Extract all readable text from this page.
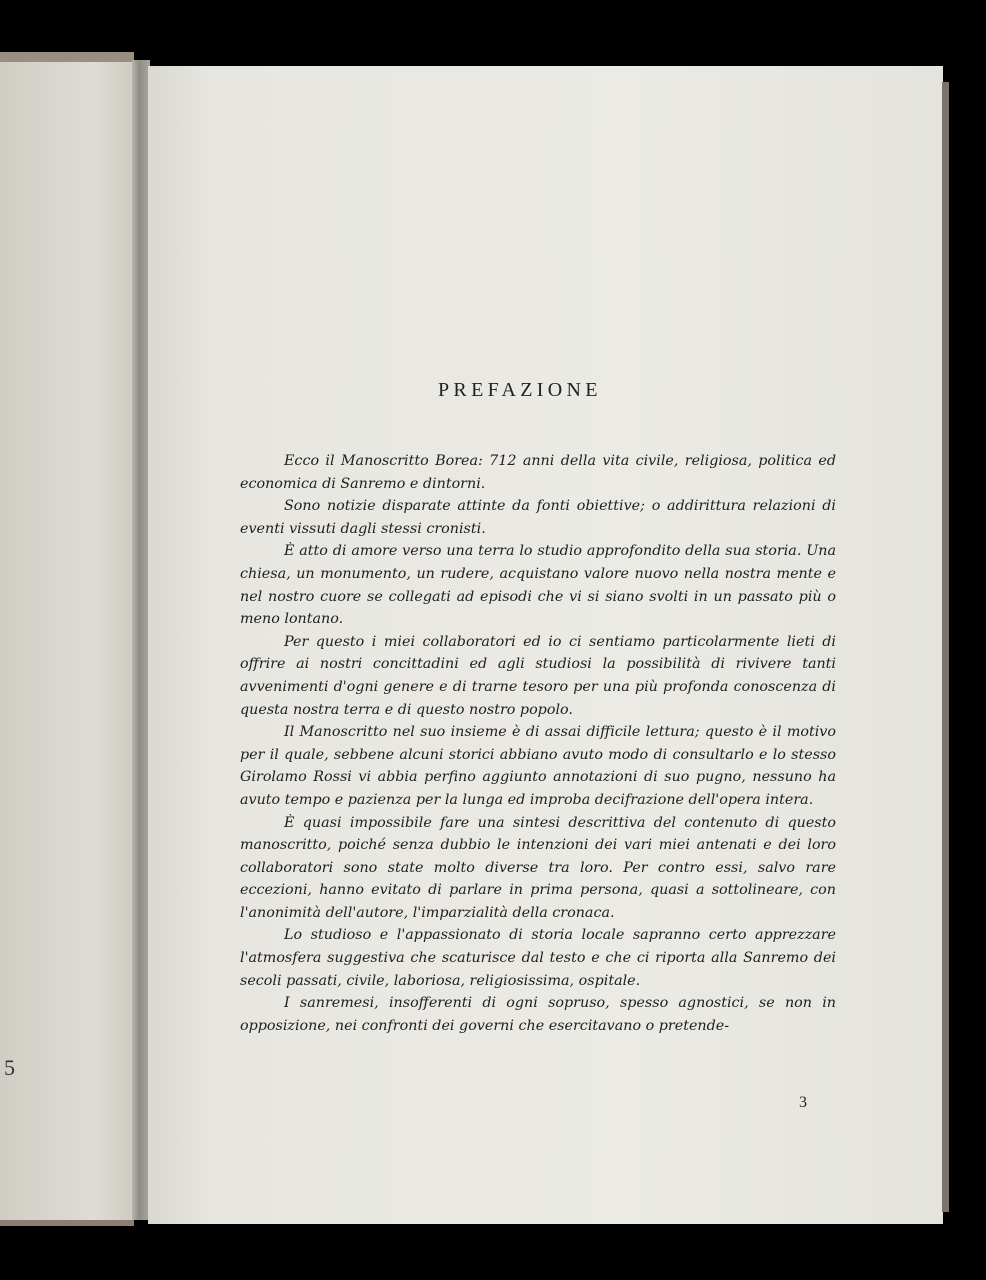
5
PREFAZIONE

Ecco il Manoscritto Borea: 712 anni della vita civile, religiosa, politica ed economica di Sanremo e dintorni.

Sono notizie disparate attinte da fonti obiettive; o addirittura relazioni di eventi vissuti dagli stessi cronisti.

È atto di amore verso una terra lo studio approfondito della sua storia. Una chiesa, un monumento, un rudere, acquistano valore nuovo nella nostra mente e nel nostro cuore se collegati ad episodi che vi si siano svolti in un passato più o meno lontano.

Per questo i miei collaboratori ed io ci sentiamo particolarmente lieti di offrire ai nostri concittadini ed agli studiosi la possibilità di rivivere tanti avvenimenti d'ogni genere e di trarne tesoro per una più profonda conoscenza di questa nostra terra e di questo nostro popolo.

Il Manoscritto nel suo insieme è di assai difficile lettura; questo è il motivo per il quale, sebbene alcuni storici abbiano avuto modo di consultarlo e lo stesso Girolamo Rossi vi abbia perfino aggiunto annotazioni di suo pugno, nessuno ha avuto tempo e pazienza per la lunga ed improba decifrazione dell'opera intera.

È quasi impossibile fare una sintesi descrittiva del contenuto di questo manoscritto, poiché senza dubbio le intenzioni dei vari miei antenati e dei loro collaboratori sono state molto diverse tra loro. Per contro essi, salvo rare eccezioni, hanno evitato di parlare in prima persona, quasi a sottolineare, con l'anonimità dell'autore, l'imparzialità della cronaca.

Lo studioso e l'appassionato di storia locale sapranno certo apprezzare l'atmosfera suggestiva che scaturisce dal testo e che ci riporta alla Sanremo dei secoli passati, civile, laboriosa, religiosissima, ospitale.

I sanremesi, insofferenti di ogni sopruso, spesso agnostici, se non in opposizione, nei confronti dei governi che esercitavano o pretende-

3
